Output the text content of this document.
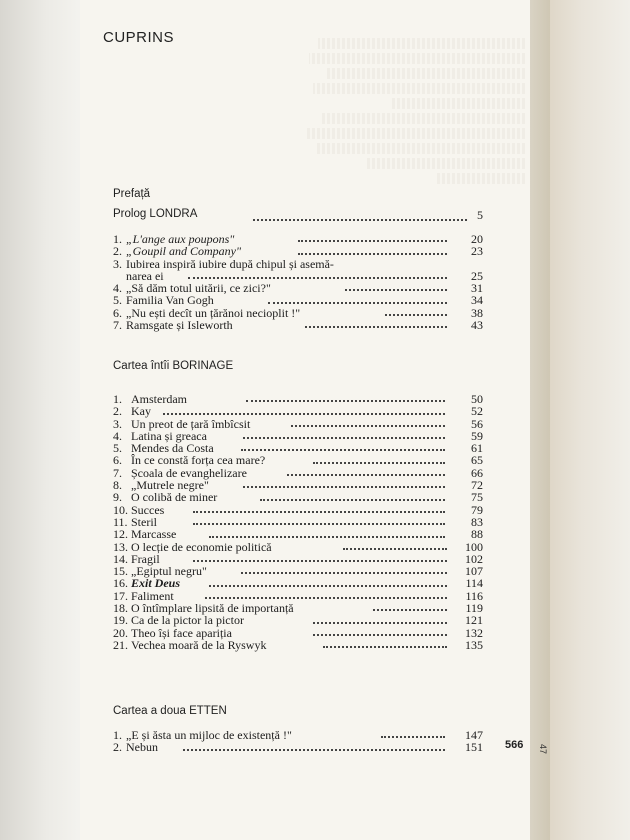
CUPRINS
Prefață
Prolog LONDRA	5
1. „L'ange aux poupons"	20
2. „Goupil and Company"	23
3. Iubirea inspiră iubire după chipul și asemă-
narea ei	25
4. „Să dăm totul uitării, ce zici?"	31
5. Familia Van Gogh	34
6. „Nu ești decît un țărănoi necioplit !"	38
7. Ramsgate și Isleworth	43
Cartea întîi BORINAGE
1. Amsterdam	50
2. Kay	52
3. Un preot de țară îmbîcsit	56
4. Latina și greaca	59
5. Mendes da Costa	61
6. În ce constă forța cea mare?	65
7. Școala de evanghelizare	66
8. „Mutrele negre"	72
9. O colibă de miner	75
10. Succes	79
11. Steril	83
12. Marcasse	88
13. O lecție de economie politică	100
14. Fragil	102
15. „Egiptul negru"	107
16. Exit Deus	114
17. Faliment	116
18. O întîmplare lipsită de importanță	119
19. Ca de la pictor la pictor	121
20. Theo își face apariția	132
21. Vechea moară de la Ryswyk	135
Cartea a doua ETTEN
1. „E și ăsta un mijloc de existență !"	147
2. Nebun	151 566 47
